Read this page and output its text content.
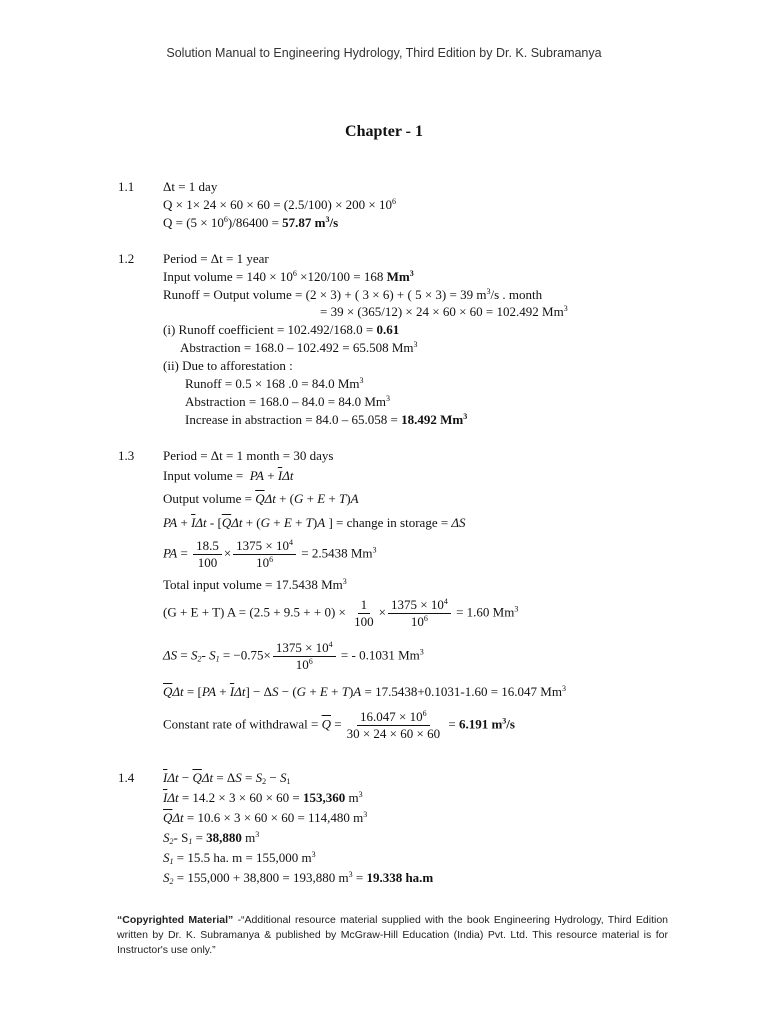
Solution Manual to Engineering Hydrology, Third Edition by Dr. K. Subramanya
Chapter - 1
1.1 Δt = 1 day
$Q \times 1\times 24 \times 60 \times 60 = (2.5/100) \times 200 \times 10^6$
$Q = (5 \times 10^6)/86400 = 57.87$ $m^3/s$
1.2 Period = Δt = 1 year
Input volume = $140 \times 10^6 \times 120/100 = 168$ Mm$^3$
Runoff = Output volume = (2 × 3) + ( 3 × 6) + ( 5 × 3) = 39 $m^3/s$ . month
= 39 × (365/12) × 24 × 60 × 60 = 102.492 Mm$^3$
(i) Runoff coefficient = 102.492/168.0 = 0.61
Abstraction = 168.0 – 102.492 = 65.508 Mm$^3$
(ii) Due to afforestation :
Runoff = 0.5 × 168 .0 = 84.0 Mm$^3$
Abstraction = 168.0 – 84.0 = 84.0 Mm$^3$
Increase in abstraction = 84.0 – 65.058 = 18.492 Mm$^3$
1.3 Period = Δt = 1 month = 30 days
Input volume =  PA + $\overline{I}\Delta t$
Output volume = $\overline{Q}\Delta t + (G + E + T)A$
PA + $\overline{I}\Delta t - [\overline{Q}\Delta t + (G + E + T)A$ ] = change in storage = ΔS
PA = $\frac{18.5}{100} \times \frac{1375 \times 10^4}{10^6} = 2.5438$ Mm$^3$
Total input volume = 17.5438 Mm$^3$
(G + E + T) A = (2.5 + 9.5 + + $0) \times \frac{1}{100} \times \frac{1375 \times 10^4}{10^6} = 1.60$ Mm$^3$
$\Delta S = S_2-$ $S_1 = -0.75\times \frac{1375 \times 10^4}{10^6}$ = - 0.1031 Mm$^3$
$\overline{Q}\Delta t = [PA + \overline{I}\Delta t] - \Delta S - (G + E + T)A = 17.5438+0.1031-1.60 = 16.047$ Mm$^3$
Constant rate of withdrawal = $\overline{Q} = \frac{16.047 \times 10^6}{30 \times 24 \times 60 \times 60} = 6.191$ $m^3/s$
1.4 $\overline{I}\Delta t - \overline{Q}\Delta t = \Delta S = S_2 - S_1$
$\overline{I}\Delta t = 14.2 \times 3 \times 60 \times 60 = 153,360$ $m^3$
$\overline{Q}\Delta t = 10.6 \times 3 \times 60 \times 60 = 114,480$ $m^3$
$S_2-$ $S_1 = 38,880$ $m^3$
$S_1 = 15.5$ ha. m = 155,000 $m^3$
$S_2 = 155,000 + 38,800 = 193,880$ $m^3 = 19.338$ ha.m
“Copyrighted Material” -“Additional resource material supplied with the book Engineering Hydrology, Third Edition written by Dr. K. Subramanya & published by McGraw-Hill Education (India) Pvt. Ltd. This resource material is for Instructor's use only.”
